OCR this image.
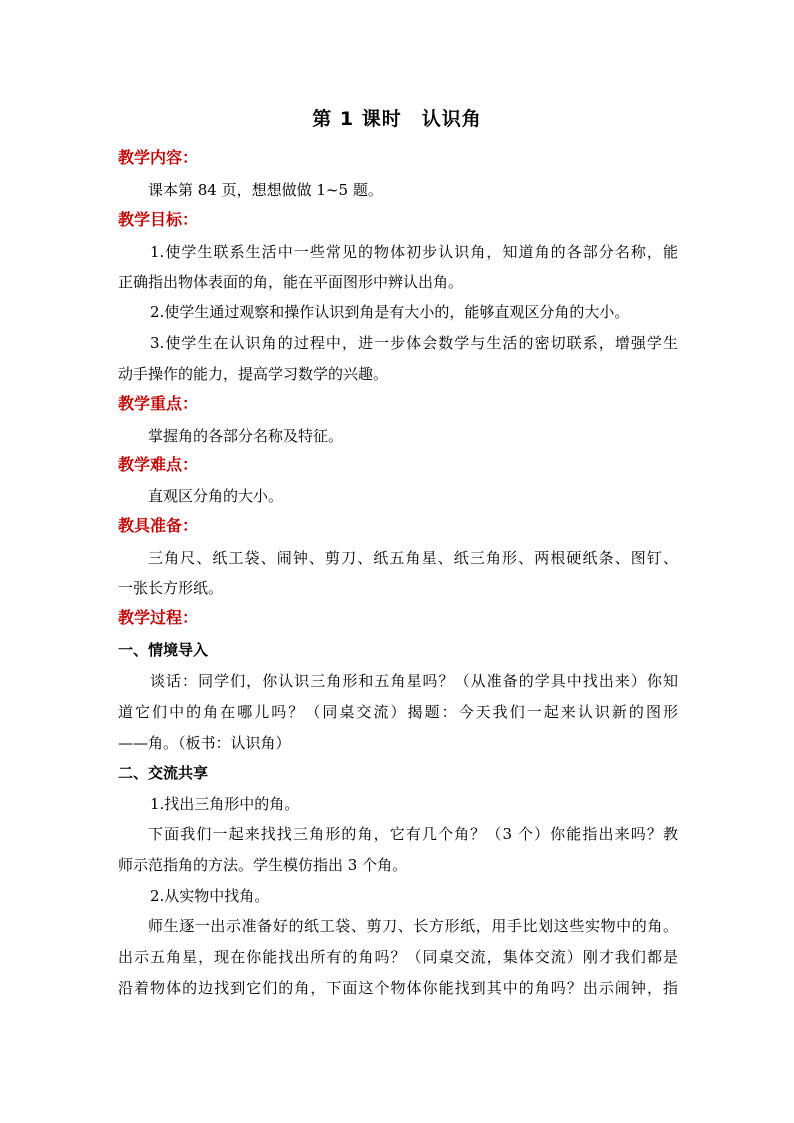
第 1 课时　认识角
教学内容：
课本第 84 页，想想做做 1~5 题。
教学目标：
1.使学生联系生活中一些常见的物体初步认识角，知道角的各部分名称，能
正确指出物体表面的角，能在平面图形中辨认出角。
2.使学生通过观察和操作认识到角是有大小的，能够直观区分角的大小。
3.使学生在认识角的过程中，进一步体会数学与生活的密切联系，增强学生
动手操作的能力，提高学习数学的兴趣。
教学重点：
掌握角的各部分名称及特征。
教学难点：
直观区分角的大小。
教具准备：
三角尺、纸工袋、闹钟、剪刀、纸五角星、纸三角形、两根硬纸条、图钉、
一张长方形纸。
教学过程：
一、情境导入
谈话：同学们，你认识三角形和五角星吗？（从准备的学具中找出来）你知
道它们中的角在哪儿吗？（同桌交流）揭题：今天我们一起来认识新的图形
——角。（板书：认识角）
二、交流共享
1.找出三角形中的角。
下面我们一起来找找三角形的角，它有几个角？（3 个）你能指出来吗？教
师示范指角的方法。学生模仿指出 3 个角。
2.从实物中找角。
师生逐一出示准备好的纸工袋、剪刀、长方形纸，用手比划这些实物中的角。
出示五角星，现在你能找出所有的角吗？（同桌交流，集体交流）刚才我们都是
沿着物体的边找到它们的角，下面这个物体你能找到其中的角吗？出示闹钟，指
